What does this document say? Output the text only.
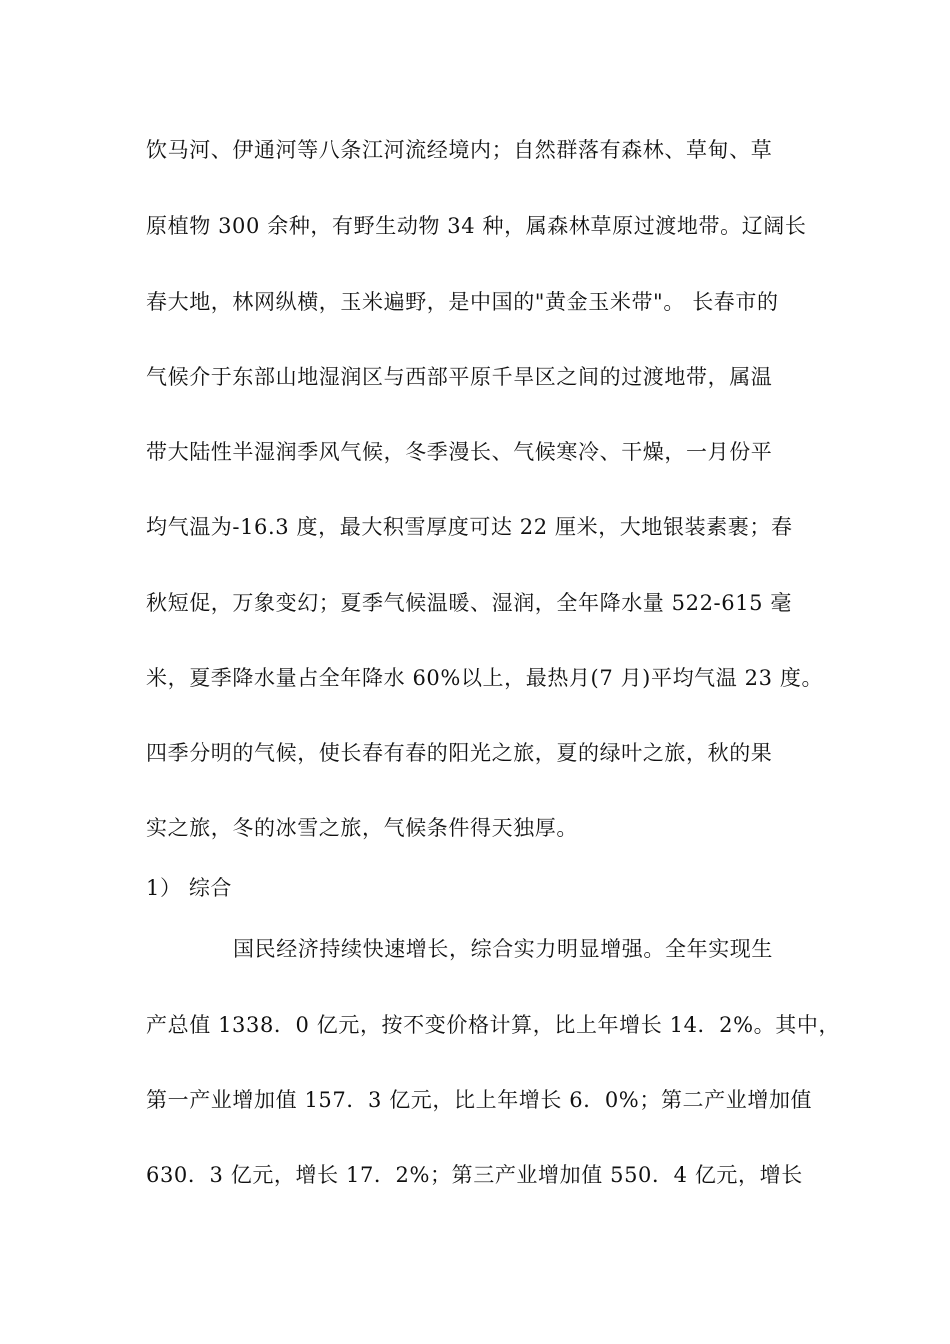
饮马河、伊通河等八条江河流经境内；自然群落有森林、草甸、草
原植物 300 余种，有野生动物 34 种，属森林草原过渡地带。辽阔长
春大地，林网纵横，玉米遍野，是中国的"黄金玉米带"。 长春市的
气候介于东部山地湿润区与西部平原千旱区之间的过渡地带，属温
带大陆性半湿润季风气候，冬季漫长、气候寒冷、干燥，一月份平
均气温为-16.3 度，最大积雪厚度可达 22 厘米，大地银装素裹；春
秋短促，万象变幻；夏季气候温暖、湿润，全年降水量 522-615 毫
米，夏季降水量占全年降水 60%以上，最热月(7 月)平均气温 23 度。
四季分明的气候，使长春有春的阳光之旅，夏的绿叶之旅，秋的果
实之旅，冬的冰雪之旅，气候条件得天独厚。
1） 综合
国民经济持续快速增长，综合实力明显增强。全年实现生
产总值 1338．0 亿元，按不变价格计算，比上年增长 14．2%。其中，
第一产业增加值 157．3 亿元，比上年增长 6．0%；第二产业增加值
630．3 亿元，增长 17．2%；第三产业增加值 550．4 亿元，增长
